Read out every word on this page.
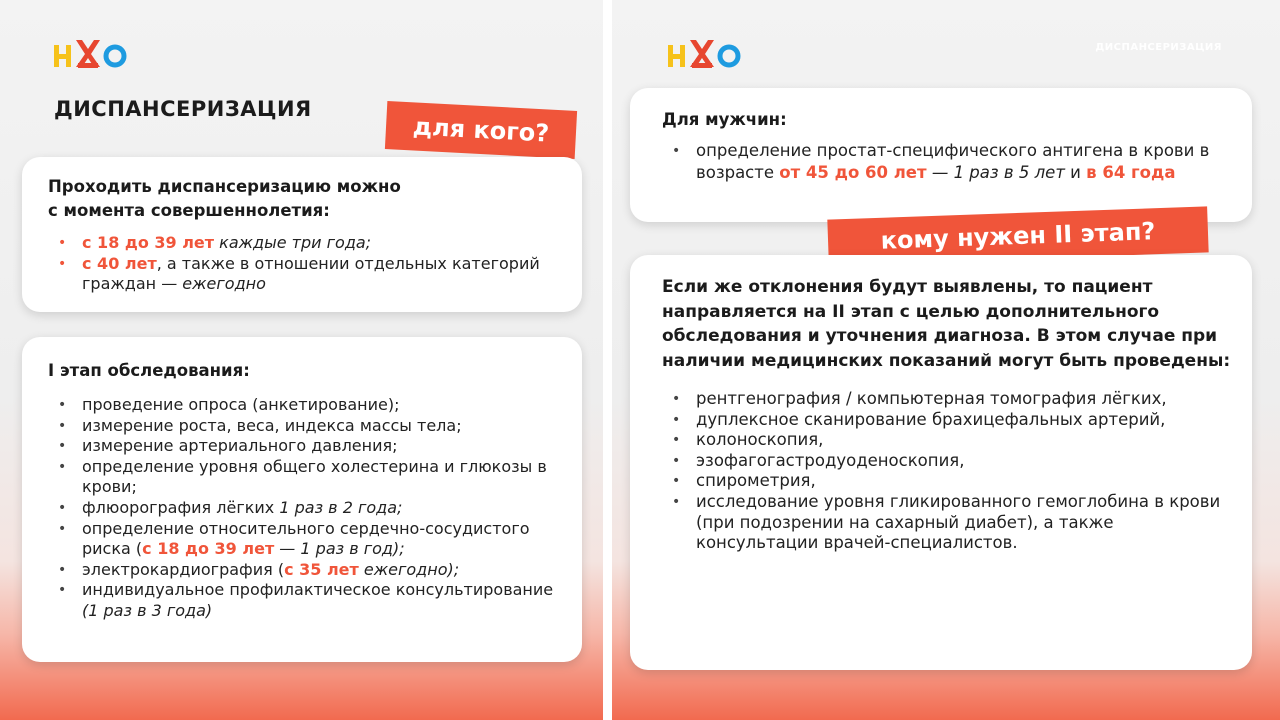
ДИСПАНСЕРИЗАЦИЯ
для кого?
Проходить диспансеризацию можно
с момента совершеннолетия:
• с 18 до 39 лет каждые три года;
• с 40 лет, а также в отношении отдельных категорий граждан — ежегодно
I этап обследования:
• проведение опроса (анкетирование);
• измерение роста, веса, индекса массы тела;
• измерение артериального давления;
• определение уровня общего холестерина и глюкозы в крови;
• флюорография лёгких 1 раз в 2 года;
• определение относительного сердечно-сосудистого риска (с 18 до 39 лет — 1 раз в год);
• электрокардиография (с 35 лет ежегодно);
• индивидуальное профилактическое консультирование (1 раз в 3 года)
ДИСПАНСЕРИЗАЦИЯ
Для мужчин:
• определение простат-специфического антигена в крови в возрасте от 45 до 60 лет — 1 раз в 5 лет и в 64 года
кому нужен II этап?
Если же отклонения будут выявлены, то пациент направляется на II этап с целью дополнительного обследования и уточнения диагноза. В этом случае при наличии медицинских показаний могут быть проведены:
• рентгенография / компьютерная томография лёгких,
• дуплексное сканирование брахицефальных артерий,
• колоноскопия,
• эзофагогастродуоденоскопия,
• спирометрия,
• исследование уровня гликированного гемоглобина в крови (при подозрении на сахарный диабет), а также консультации врачей-специалистов.
